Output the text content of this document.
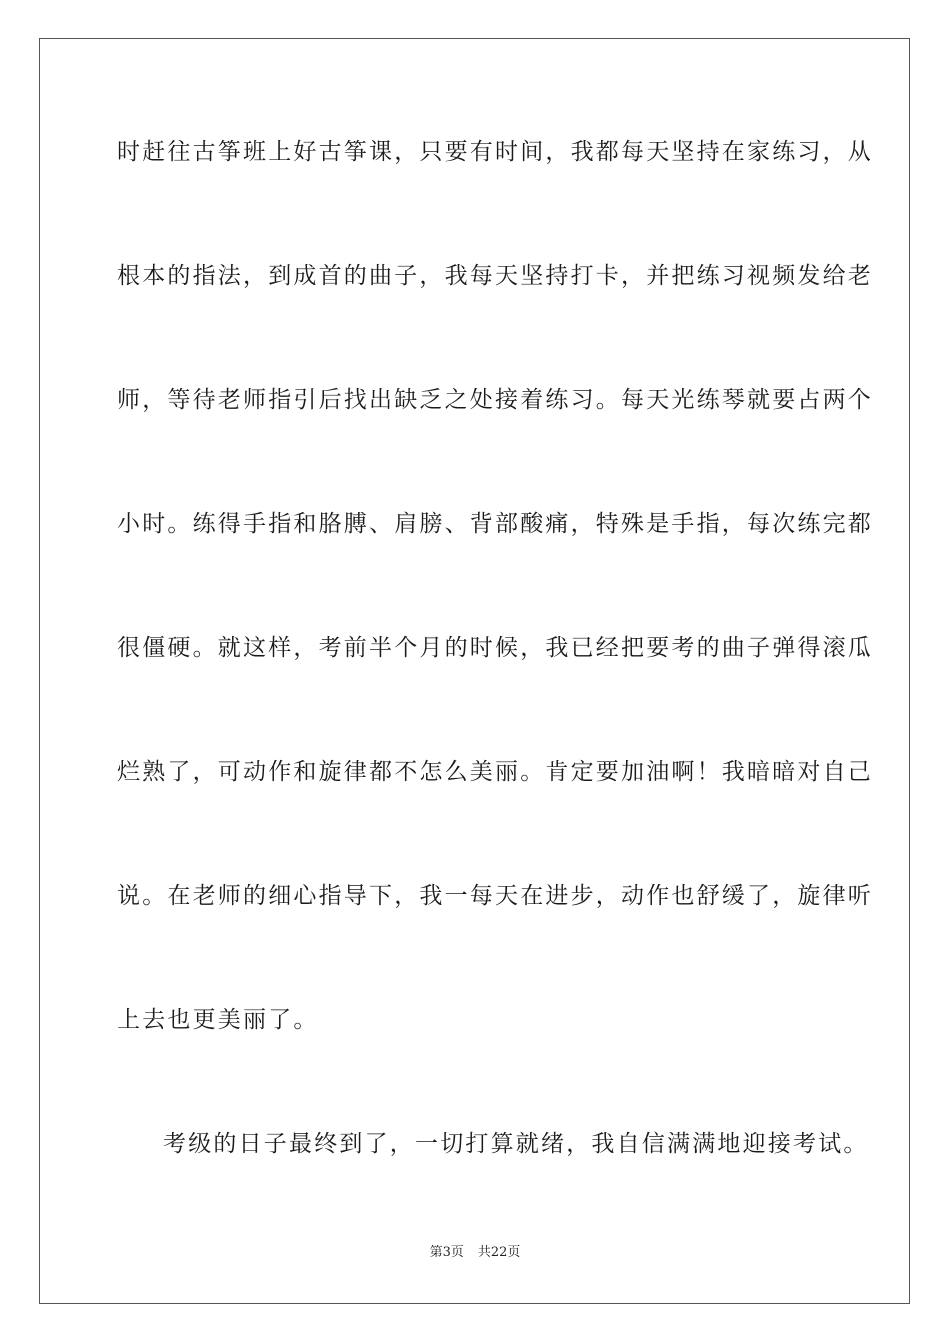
时赶往古筝班上好古筝课，只要有时间，我都每天坚持在家练习，从
根本的指法，到成首的曲子，我每天坚持打卡，并把练习视频发给老
师，等待老师指引后找出缺乏之处接着练习。每天光练琴就要占两个
小时。练得手指和胳膊、肩膀、背部酸痛，特殊是手指，每次练完都
很僵硬。就这样，考前半个月的时候，我已经把要考的曲子弹得滚瓜
烂熟了，可动作和旋律都不怎么美丽。肯定要加油啊！我暗暗对自己
说。在老师的细心指导下，我一每天在进步，动作也舒缓了，旋律听
上去也更美丽了。
考级的日子最终到了，一切打算就绪，我自信满满地迎接考试。
第3页 共22页
